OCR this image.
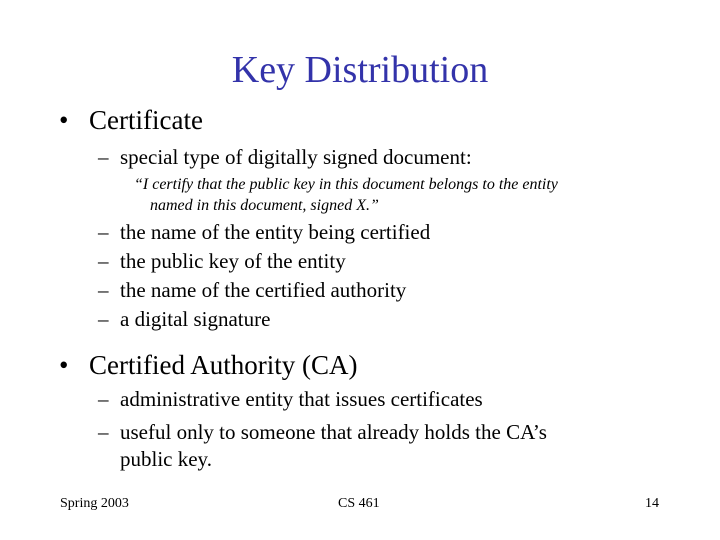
Key Distribution
• Certificate
– special type of digitally signed document:
“I certify that the public key in this document belongs to the entity
named in this document, signed X.”
– the name of the entity being certified
– the public key of the entity
– the name of the certified authority
– a digital signature
• Certified Authority (CA)
– administrative entity that issues certificates
– useful only to someone that already holds the CA’s
public key.
Spring 2003	CS 461	14
